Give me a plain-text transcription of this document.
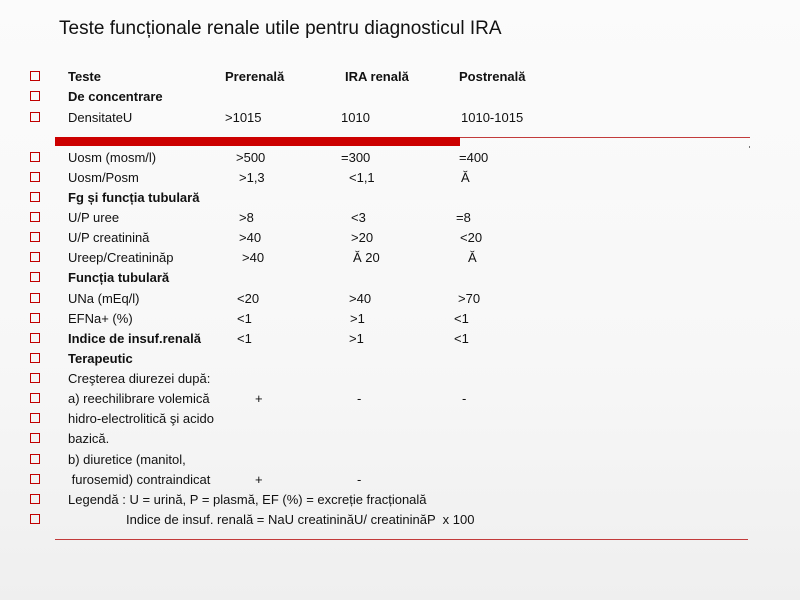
Teste funcționale renale utile pentru diagnosticul IRA
Teste	Prerenală	IRA renală	Postrenală
De concentrare
DensitateU	>1015	1010	1010-1015
Uosm (mosm/l)	>500	=300	=400
Uosm/Posm	>1,3	<1,1	Ă
Fg și funcția tubulară
U/P uree	>8	<3	=8
U/P creatinină	>40	>20	<20
Ureep/Creatininăp	>40	Ă 20	Ă
Funcția tubulară
UNa (mEq/l)	<20	>40	>70
EFNa+ (%)	<1	>1	<1
Indice de insuf.renală	<1	>1	<1
Terapeutic
Creşterea diurezei după:
a) reechilibrare volemică	+	-	-
hidro-electrolitică şi acido
bazică.
b) diuretice (manitol,
furosemid) contraindicat	+	-
Legendă : U = urină, P = plasmă, EF (%) = excreție fracțională
Indice de insuf. renală = NaU creatininăU/ creatininăP  x 100
